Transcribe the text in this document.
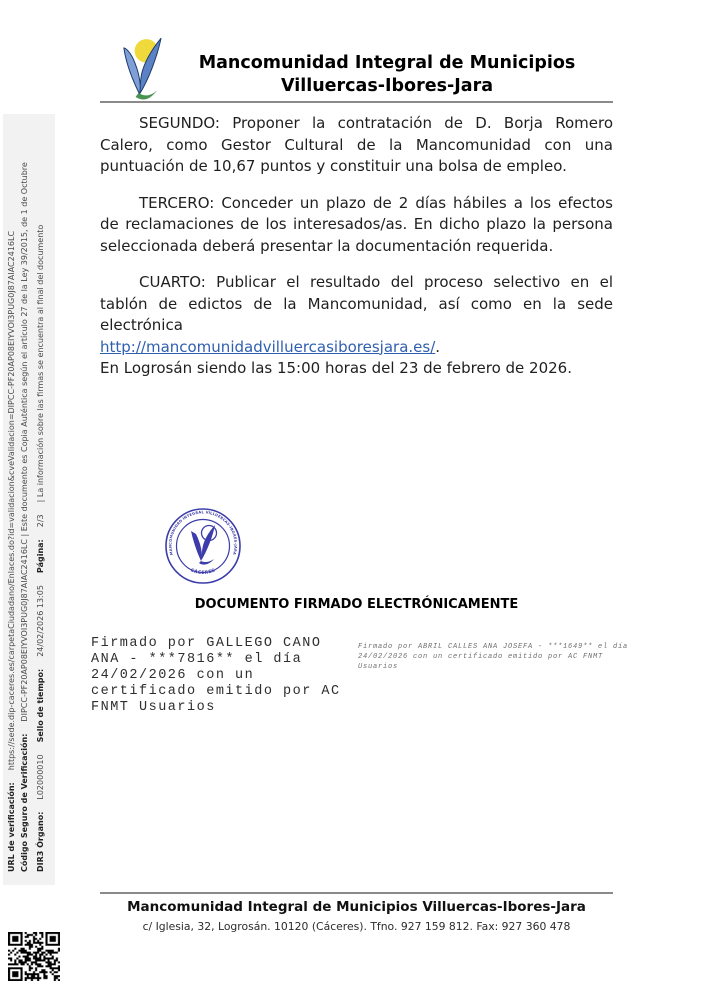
Mancomunidad Integral de Municipios
Villuercas-Ibores-Jara

SEGUNDO: Proponer la contratación de D. Borja Romero Calero, como Gestor Cultural de la Mancomunidad con una puntuación de 10,67 puntos y constituir una bolsa de empleo.

TERCERO: Conceder un plazo de 2 días hábiles a los efectos de reclamaciones de los interesados/as. En dicho plazo la persona seleccionada deberá presentar la documentación requerida.

CUARTO: Publicar el resultado del proceso selectivo en el tablón de edictos de la Mancomunidad, así como en la sede electrónica

http://mancomunidadvilluercasiboresjara.es/.

En Logrosán siendo las 15:00 horas del 23 de febrero de 2026.

MANCOMUNIDAD INTEGRAL VILLUERCAS-IBORES-JARA
- CÁCERES -
DOCUMENTO FIRMADO ELECTRÓNICAMENTE
Firmado por GALLEGO CANO
ANA - ***7816** el día
24/02/2026 con un
certificado emitido por AC
FNMT Usuarios
Firmado por ABRIL CALLES ANA JOSEFA - ***1649** el día
24/02/2026 con un certificado emitido por AC FNMT
Usuarios
URL de verificación:https://sede.dip-caceres.es/carpetaCiudadano/Enlaces.do?id=validacion&cveValidacion=DIPCC-PF20AP08EIYVOI3PUG0J87AIAC2416LC
Código Seguro de Verificación:DIPCC-PF20AP08EIYVOI3PUG0J87AIAC2416LC | Este documento es Copia Auténtica según el artículo 27 de la Ley 39/2015, de 1 de Octubre
DIR3 Órgano:L02000010Sello de tiempo:24/02/2026 13:05Página:2/3| La información sobre las firmas se encuentra al final del documento
Mancomunidad Integral de Municipios Villuercas-Ibores-Jara
c/ Iglesia, 32, Logrosán. 10120 (Cáceres). Tfno. 927 159 812. Fax: 927 360 478
